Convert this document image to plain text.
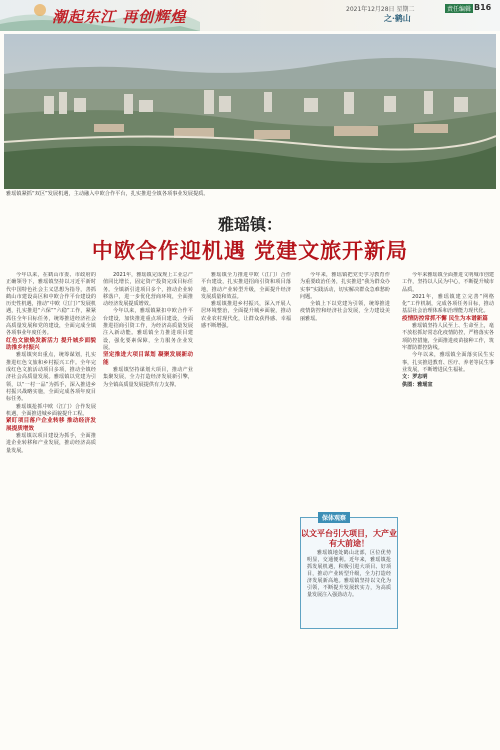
潮起东江 再创辉煌	2021年12月28日 星期二	责任编辑 B16
之·鹤山
雅瑶镇紧抓“双区”发展机遇，主动融入中欧合作平台，扎实推进全镇各项事业发展提质。
雅瑶镇：
中欧合作迎机遇 党建文旅开新局

今年以来，在鹤山市委、市政府的正确领导下，雅瑶镇坚持以习近平新时代中国特色社会主义思想为指导，善抓鹤山市建设高区和中欧合作平台建设的历史性机遇，推动“中欧（江门）”发展机遇，扎实推进“六保”“六稳”工作，紧紧抓住全年目标任务，统筹推进经济社会高质量发展和党的建设，全面完成全镇各项事业年度任务。

红色文旅焕发新活力 提升城乡面貌助推乡村振兴

雅瑶镇突出重点，统筹谋划，扎实推进红色文旅和乡村振兴工作。全年完成红色文旅活动项目多项，推动全镇经济社会高质量发展。雅瑶镇以党建为引领，以“一村一品”为抓手，深入推进乡村振兴战略实施，全面完成各项年度目标任务。

雅瑶镇抢抓中欧（江门）合作发展机遇，全面推进城乡面貌提升工程。

紧盯项目落户企业转移 推动经济发展提质增效

雅瑶镇以项目建设为抓手，全面推进企业转移和产业发展，推动经济高质量发展。

2021年，雅瑶镇完成规上工业总产值同比增长，固定资产投资完成目标任务。全镇新引进项目多个，推动企业转移落户，进一步优化营商环境，全面推动经济发展提质增效。

今年以来，雅瑶镇紧扣中欧合作平台建设，加快推进重点项目建设，全面推进招商引资工作，为经济高质量发展注入新动能。雅瑶镇全力推进项目建设，强化要素保障，全力服务企业发展。

坚定推进大项目谋划 凝聚发展新动能

雅瑶镇坚持谋划大项目，推动产业集聚发展，全力打造经济发展新引擎，为全镇高质量发展提供有力支撑。

雅瑶镇全力推进中欧（江门）合作平台建设，扎实推进招商引资和项目落地，推动产业转型升级，全面提升经济发展质量和效益。

雅瑶镇推进乡村振兴，深入开展人居环境整治，全面提升城乡面貌，推动农业农村现代化，让群众获得感、幸福感不断增强。

今年来，雅瑶镇把党史学习教育作为重要政治任务，扎实推进“我为群众办实事”实践活动，切实解决群众急难愁盼问题。

全镇上下以党建为引领，统筹推进疫情防控和经济社会发展，全力建设美丽雅瑶。

今年来雅瑶镇全面推进文明城市创建工作，坚持以人民为中心，不断提升城市品质。

2021年，雅瑶镇建立完善“网格化”工作机制，完成各项任务目标，推动基层社会治理体系和治理能力现代化。

疫情防控常抓不懈 民生为本谱新篇

雅瑶镇坚持人民至上、生命至上，毫不放松抓好常态化疫情防控，严格落实各项防控措施，全面推进疫苗接种工作，筑牢群防群控防线。

今年以来，雅瑶镇全面落实民生实事，扎实推进教育、医疗、养老等民生事业发展，不断增进民生福祉。

文：罗志明

供图：雅瑶宣

保体观察
以文平台引大项目，大产业有大前途！
雅瑶镇地处鹤山北部，区位优势明显，交通便利。近年来，雅瑶镇抢抓发展机遇，积极引进大项目、好项目，推动产业转型升级，全力打造经济发展新高地。雅瑶镇坚持以文化为引领，不断提升发展软实力，为高质量发展注入强劲动力。
